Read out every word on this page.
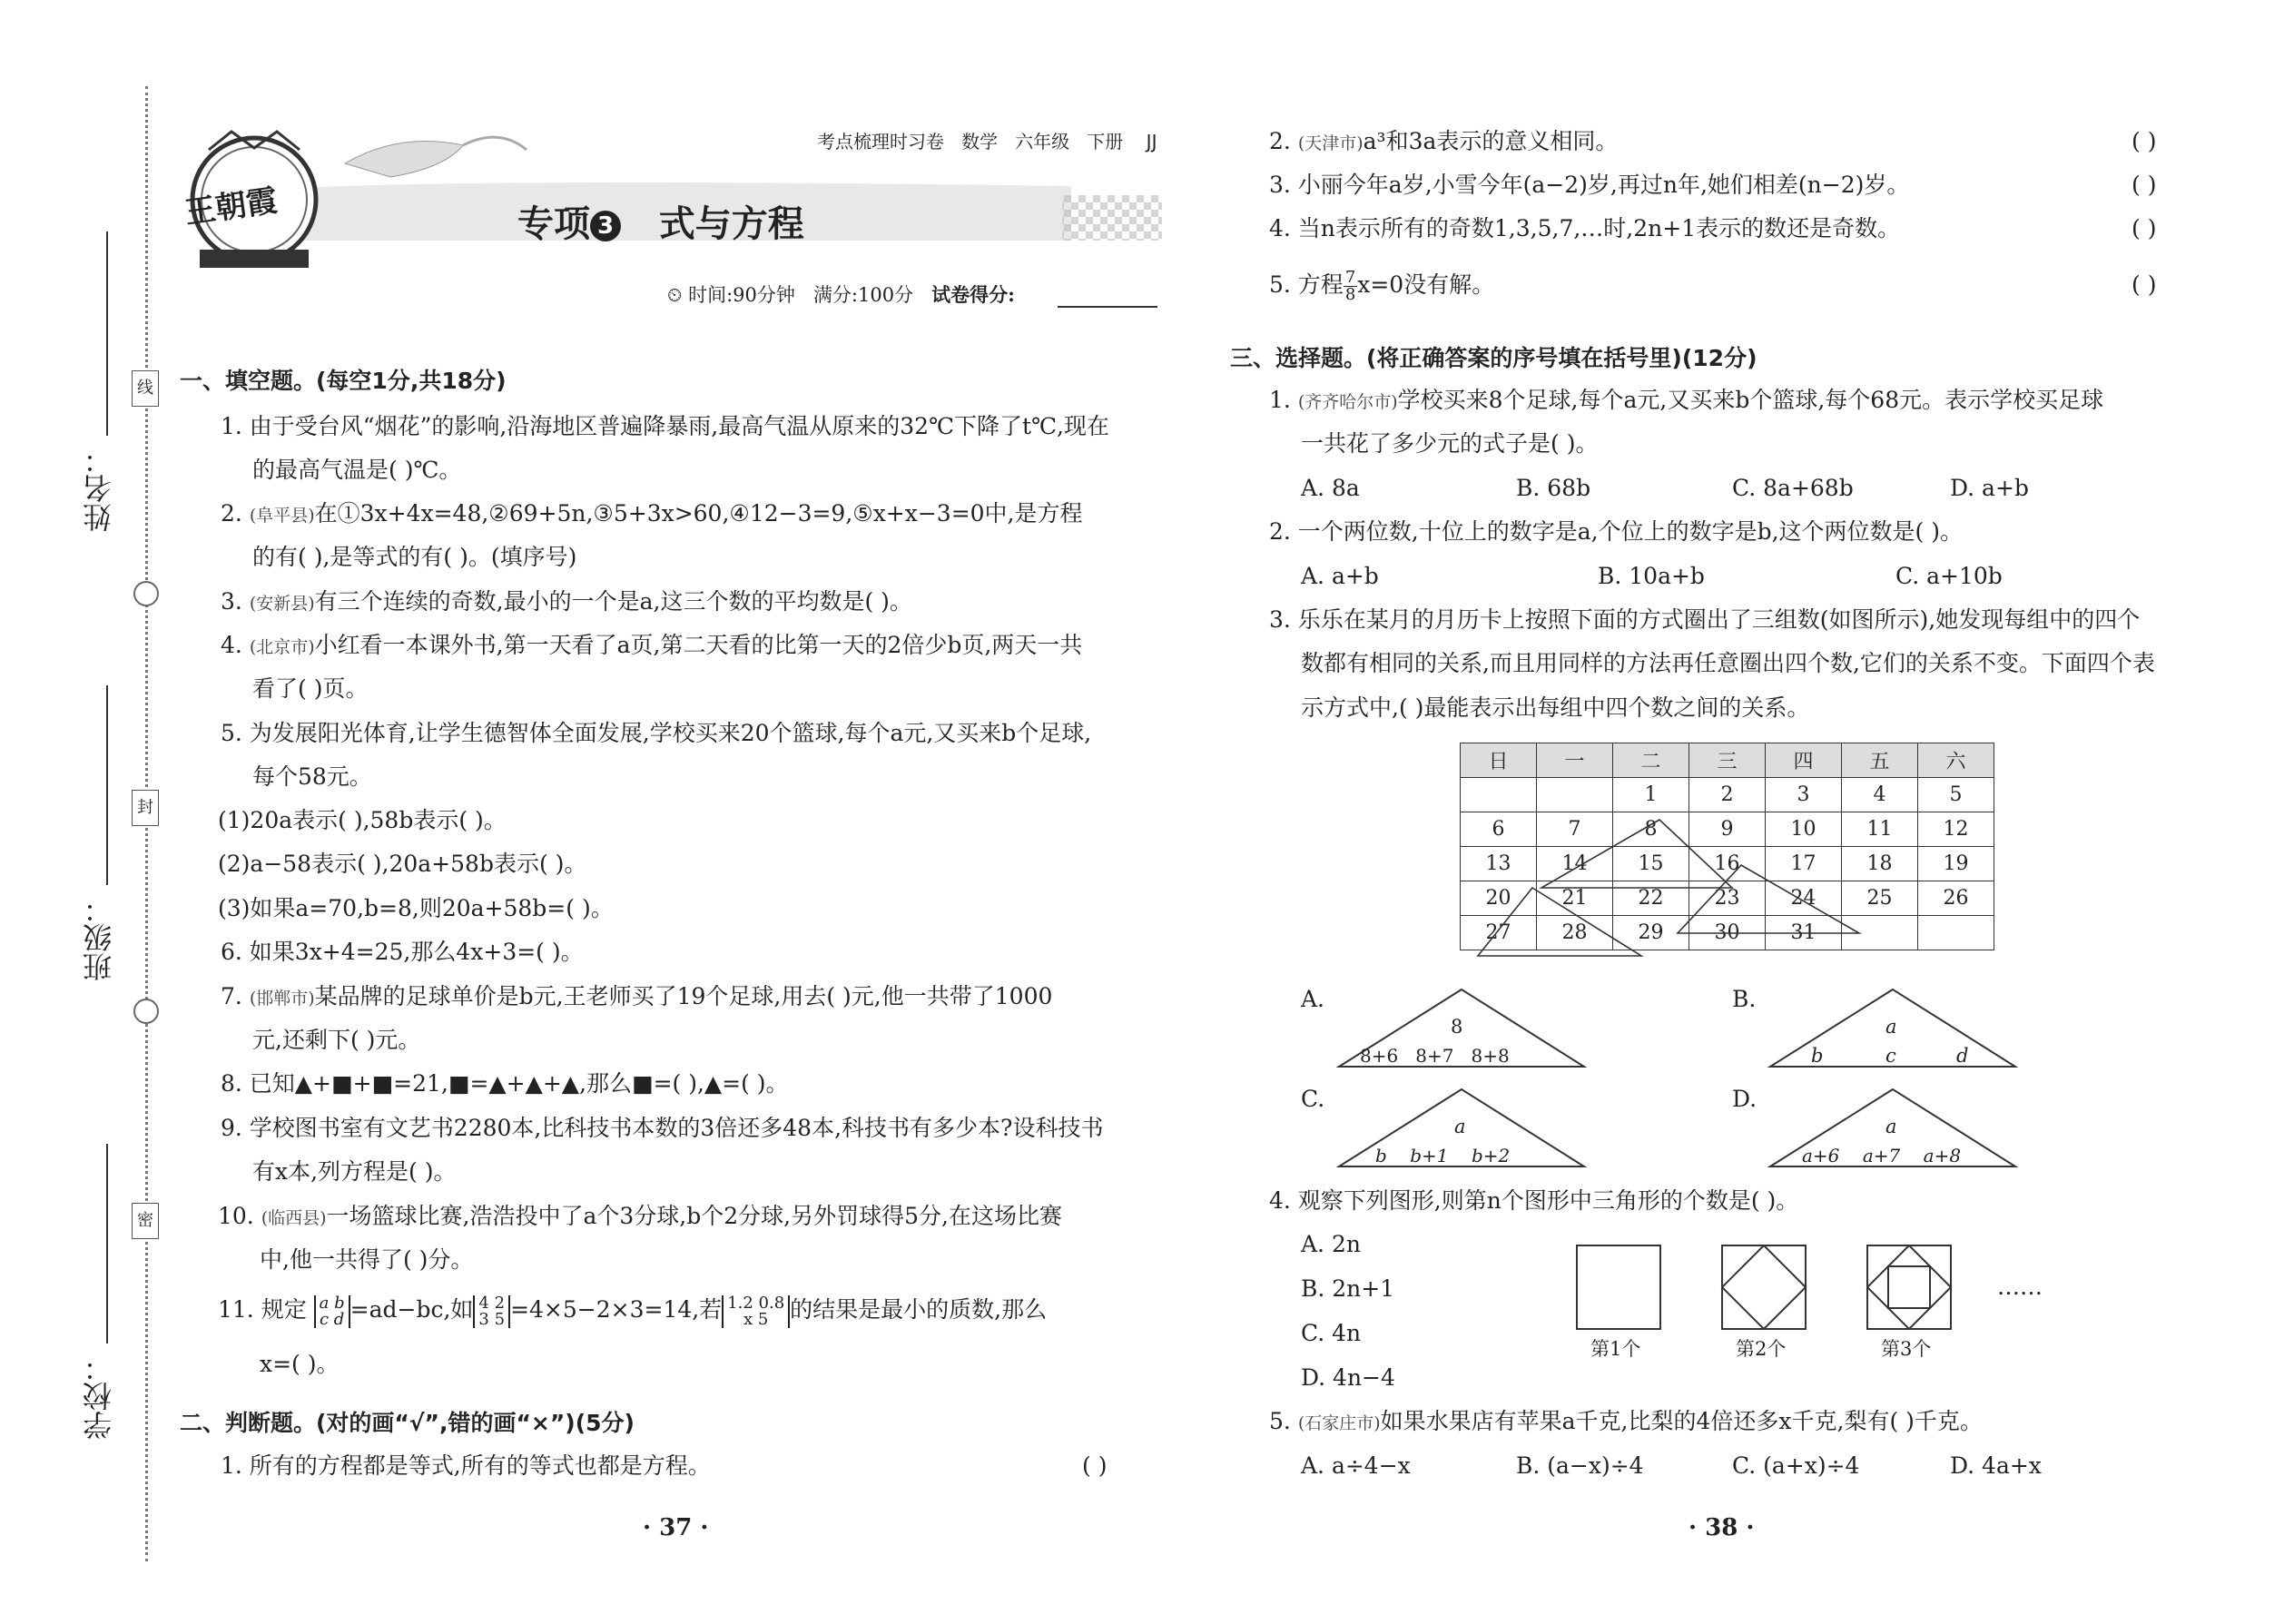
线
封
密
姓名：
班级：
学校：
王朝霞
考点梳理时习卷 数学 六年级 下册 JJ
专项 3 式与方程
⏲ 时间:90分钟 满分:100分 试卷得分:
一、填空题。(每空1分,共18分)
1. 由于受台风“烟花”的影响,沿海地区普遍降暴雨,最高气温从原来的32℃下降了t℃,现在
的最高气温是( )℃。
2. (阜平县)在①3x+4x=48,②69+5n,③5+3x>60,④12−3=9,⑤x+x−3=0中,是方程
的有( ),是等式的有( )。(填序号)
3. (安新县)有三个连续的奇数,最小的一个是a,这三个数的平均数是( )。
4. (北京市)小红看一本课外书,第一天看了a页,第二天看的比第一天的2倍少b页,两天一共
看了( )页。
5. 为发展阳光体育,让学生德智体全面发展,学校买来20个篮球,每个a元,又买来b个足球,
每个58元。
(1)20a表示( ),58b表示( )。
(2)a−58表示( ),20a+58b表示( )。
(3)如果a=70,b=8,则20a+58b=( )。
6. 如果3x+4=25,那么4x+3=( )。
7. (邯郸市)某品牌的足球单价是b元,王老师买了19个足球,用去( )元,他一共带了1000
元,还剩下( )元。
8. 已知▲+■+■=21,■=▲+▲+▲,那么■=( ),▲=( )。
9. 学校图书室有文艺书2280本,比科技书本数的3倍还多48本,科技书有多少本?设科技书
有x本,列方程是( )。
10. (临西县)一场篮球比赛,浩浩投中了a个3分球,b个2分球,另外罚球得5分,在这场比赛
中,他一共得了( )分。
11. 规定 a b
c d =ad−bc,如 4 2
3 5 =4×5−2×3=14,若 1.2 0.8
x 5 的结果是最小的质数,那么
x=( )。
二、判断题。(对的画“√”,错的画“×”)(5分)
1. 所有的方程都是等式,所有的等式也都是方程。	( )
· 37 ·
2. (天津市)a³和3a表示的意义相同。	( )
3. 小丽今年a岁,小雪今年(a−2)岁,再过n年,她们相差(n−2)岁。	( )
4. 当n表示所有的奇数1,3,5,7,…时,2n+1表示的数还是奇数。	( )
5. 方程 $\frac{7}{8} x=0$没有解。	( )
三、选择题。(将正确答案的序号填在括号里)(12分)
1. (齐齐哈尔市)学校买来8个足球,每个a元,又买来b个篮球,每个68元。表示学校买足球
一共花了多少元的式子是( )。
A. 8a	B. 68b	C. 8a+68b	D. a+b
2. 一个两位数,十位上的数字是a,个位上的数字是b,这个两位数是( )。
A. a+b	B. 10a+b	C. a+10b
3. 乐乐在某月的月历卡上按照下面的方式圈出了三组数(如图所示),她发现每组中的四个
数都有相同的关系,而且用同样的方法再任意圈出四个数,它们的关系不变。下面四个表
示方式中,( )最能表示出每组中四个数之间的关系。
日	一	二	三	四	五	六
		1	2	3	4	5
6	7	8	9	10	11	12
13	14	15	16	17	18	19
20	21	22	23	24	25	26
27	28	29	30	31		
A.
8
8+6   8+7   8+8
B.
a
b	c	d
C.
a
b    b+1    b+2
D.
a
a+6    a+7    a+8
4. 观察下列图形,则第n个图形中三角形的个数是( )。
A. 2n
B. 2n+1
C. 4n
D. 4n−4
第1个	第2个	第3个
……
5. (石家庄市)如果水果店有苹果a千克,比梨的4倍还多x千克,梨有( )千克。
A. a÷4−x	B. (a−x)÷4	C. (a+x)÷4	D. 4a+x
· 38 ·
